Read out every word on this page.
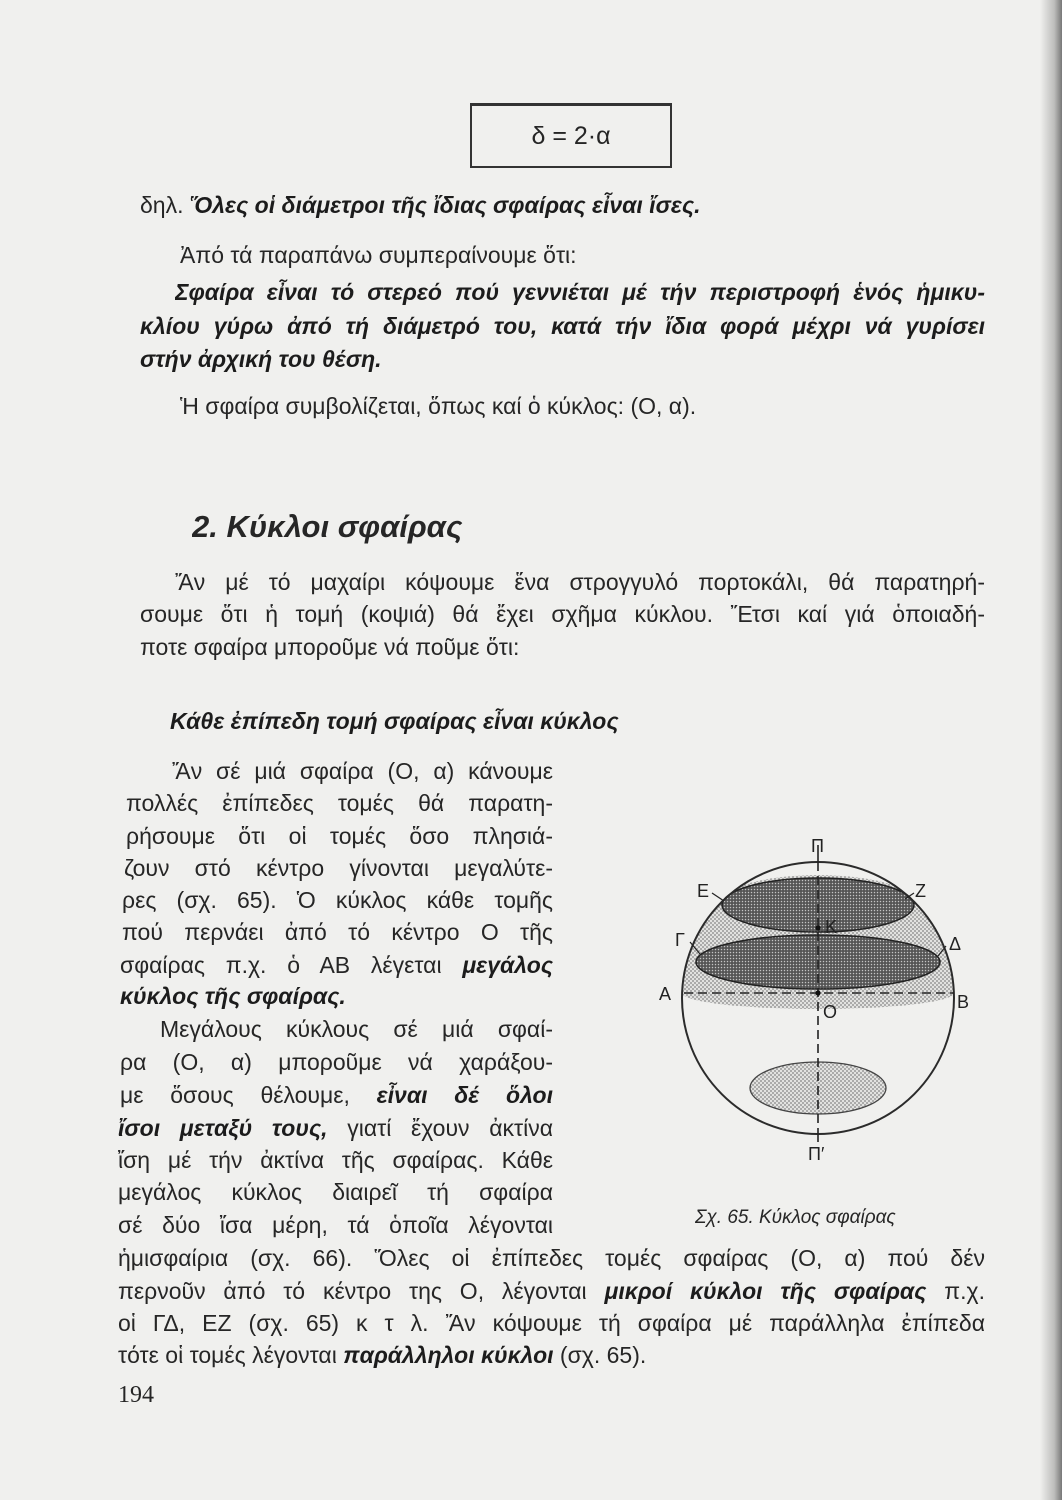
δ = 2·α
δηλ. Ὅλες οἱ διάμετροι τῆς ἴδιας σφαίρας εἶναι ἴσες.
Ἀπό τά παραπάνω συμπεραίνουμε ὅτι:
Σφαίρα εἶναι τό στερεό πού γεννιέται μέ τήν περιστροφή ἑνός ἡμικυ-
κλίου γύρω ἀπό τή διάμετρό του, κατά τήν ἴδια φορά μέχρι νά γυρίσει
στήν ἀρχική του θέση.
Ἡ σφαίρα συμβολίζεται, ὅπως καί ὁ κύκλος: (Ο, α).
2. Κύκλοι σφαίρας
Ἄν μέ τό μαχαίρι κόψουμε ἕνα στρογγυλό πορτοκάλι, θά παρατηρή-
σουμε ὅτι ἡ τομή (κοψιά) θά ἔχει σχῆμα κύκλου. Ἔτσι καί γιά ὁποιαδή-
ποτε σφαίρα μποροῦμε νά ποῦμε ὅτι:
Κάθε ἐπίπεδη τομή σφαίρας εἶναι κύκλος
Ἄν σέ μιά σφαίρα (Ο, α) κάνουμε
πολλές ἐπίπεδες τομές θά παρατη-
ρήσουμε ὅτι οἱ τομές ὅσο πλησιά-
ζουν στό κέντρο γίνονται μεγαλύτε-
ρες (σχ. 65). Ὁ κύκλος κάθε τομῆς
πού περνάει ἀπό τό κέντρο Ο τῆς
σφαίρας π.χ. ὁ ΑΒ λέγεται μεγάλος
κύκλος τῆς σφαίρας.
Μεγάλους κύκλους σέ μιά σφαί-
ρα (Ο, α) μποροῦμε νά χαράξου-
με ὅσους θέλουμε, εἶναι δέ ὅλοι
ἴσοι μεταξύ τους, γιατί ἔχουν ἀκτίνα
ἴση μέ τήν ἀκτίνα τῆς σφαίρας. Κάθε
μεγάλος κύκλος διαιρεῖ τή σφαίρα
σέ δύο ἴσα μέρη, τά ὁποῖα λέγονται
ἡμισφαίρια (σχ. 66). Ὅλες οἱ ἐπίπεδες τομές σφαίρας (Ο, α) πού δέν
περνοῦν ἀπό τό κέντρο της Ο, λέγονται μικροί κύκλοι τῆς σφαίρας π.χ.
οἱ ΓΔ, ΕΖ (σχ. 65) κ τ λ. Ἄν κόψουμε τή σφαίρα μέ παράλληλα ἐπίπεδα
τότε οἱ τομές λέγονται παράλληλοι κύκλοι (σχ. 65).
Π
Ε	Ζ
Κ
Γ	Δ
Α	Β
Ο
Π′
Σχ. 65. Κύκλος σφαίρας
194
